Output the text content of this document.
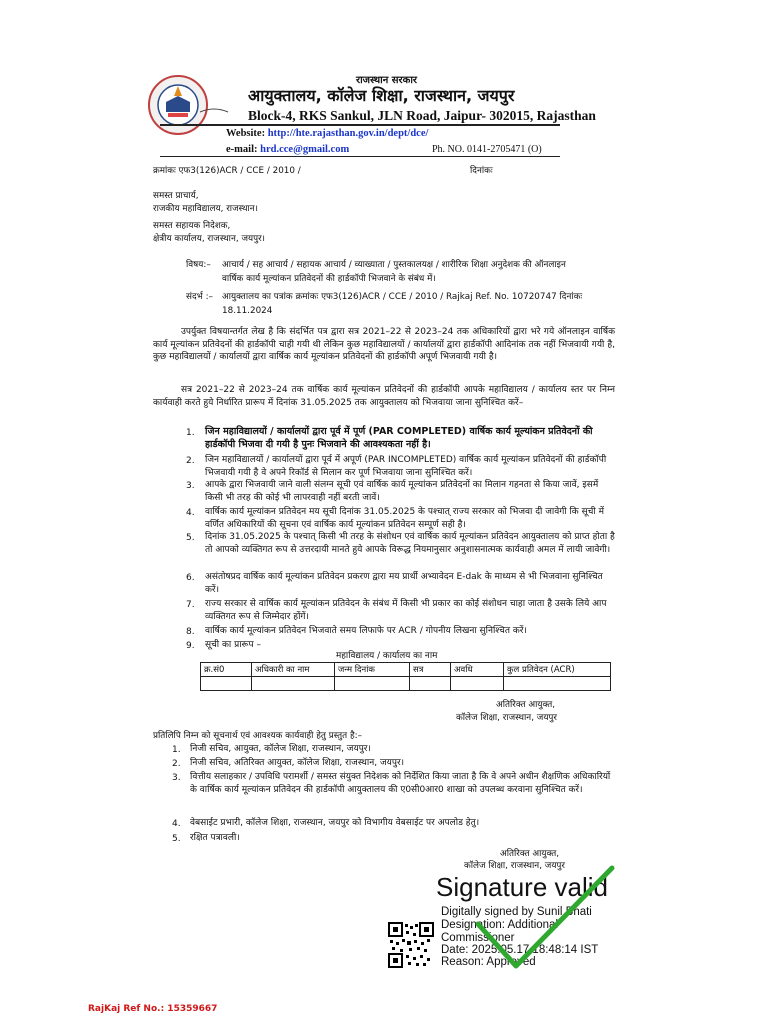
राजस्थान सरकार
आयुक्तालय, कॉलेज शिक्षा, राजस्थान, जयपुर
Block-4, RKS Sankul, JLN Road, Jaipur- 302015, Rajasthan
Website: http://hte.rajasthan.gov.in/dept/dce/
e-mail: hrd.cce@gmail.com	Ph. NO. 0141-2705471 (O)
क्रमांकः एफ3(126)ACR / CCE / 2010 /	दिनांकः
समस्त प्राचार्य,
राजकीय महाविद्यालय, राजस्थान।
समस्त सहायक निदेशक,
क्षेत्रीय कार्यालय, राजस्थान, जयपुर।
विषय:– आचार्य / सह आचार्य / सहायक आचार्य / व्याख्याता / पुस्तकालयक्ष / शारीरिक शिक्षा अनुदेशक की ऑनलाइन
वार्षिक कार्य मूल्यांकन प्रतिवेदनों की हार्डकॉपी भिजवाने के संबंध में।
संदर्भ :– आयुक्तालय का पत्रांक क्रमांकः एफ3(126)ACR / CCE / 2010 / Rajkaj Ref. No. 10720747 दिनांकः
18.11.2024
उपर्युक्त विषयान्तर्गत लेख है कि संदर्भित पत्र द्वारा सत्र 2021–22 से 2023–24 तक अधिकारियों द्वारा भरे गये ऑनलाइन वार्षिक कार्य मूल्यांकन प्रतिवेदनों की हार्डकॉपी चाही गयी थी लेकिन कुछ महाविद्यालयों / कार्यालयों द्वारा हार्डकॉपी आदिनांक तक नहीं भिजवायी गयी है, कुछ महाविद्यालयों / कार्यालयों द्वारा वार्षिक कार्य मूल्यांकन प्रतिवेदनों की हार्डकॉपी अपूर्ण भिजवायी गयी है।
सत्र 2021–22 से 2023–24 तक वार्षिक कार्य मूल्यांकन प्रतिवेदनों की हार्डकॉपी आपके महाविद्यालय / कार्यालय स्तर पर निम्न कार्यवाही करते हुये निर्धारित प्रारूप में दिनांक 31.05.2025 तक आयुक्तालय को भिजवाया जाना सुनिश्चित करें–
1. जिन महाविद्यालयों / कार्यालयों द्वारा पूर्व में पूर्ण (PAR COMPLETED) वार्षिक कार्य मूल्यांकन प्रतिवेदनों की हार्डकॉपी भिजवा दी गयी है पुनः भिजवाने की आवश्यकता नहीं है।
2. जिन महाविद्यालयों / कार्यालयों द्वारा पूर्व में अपूर्ण (PAR INCOMPLETED) वार्षिक कार्य मूल्यांकन प्रतिवेदनों की हार्डकॉपी भिजवायी गयी है वे अपने रिकॉर्ड से मिलान कर पूर्ण भिजवाया जाना सुनिश्चित करें।
3. आपके द्वारा भिजवायी जाने वाली संलग्न सूची एवं वार्षिक कार्य मूल्यांकन प्रतिवेदनों का मिलान गहनता से किया जावें, इसमें किसी भी तरह की कोई भी लापरवाही नहीं बरती जावें।
4. वार्षिक कार्य मूल्यांकन प्रतिवेदन मय सूची दिनांक 31.05.2025 के पश्चात् राज्य सरकार को भिजवा दी जावेगी कि सूची में वर्णित अधिकारियों की सूचना एवं वार्षिक कार्य मूल्यांकन प्रतिवेदन सम्पूर्ण सही है।
5. दिनांक 31.05.2025 के पश्चात् किसी भी तरह के संशोधन एवं वार्षिक कार्य मूल्यांकन प्रतिवेदन आयुक्तालय को प्राप्त होता है तो आपको व्यक्तिगत रूप से उत्तरदायी मानते हुये आपके विरूद्ध नियमानुसार अनुशासनात्मक कार्यवाही अमल में लायी जावेगी।
6. असंतोषप्रद वार्षिक कार्य मूल्यांकन प्रतिवेदन प्रकरण द्वारा मय प्रार्थी अभ्यावेदन E-dak के माध्यम से भी भिजवाना सुनिश्चित करें।
7. राज्य सरकार से वार्षिक कार्य मूल्यांकन प्रतिवेदन के संबंध में किसी भी प्रकार का कोई संशोधन चाहा जाता है उसके लिये आप व्यक्तिगत रूप से जिम्मेदार होंगें।
8. वार्षिक कार्य मूल्यांकन प्रतिवेदन भिजवाते समय लिफाफे पर ACR / गोपनीय लिखना सुनिश्चित करें।
9. सूची का प्रारूप –
महाविद्यालय / कार्यालय का नाम
क्र.सं0	अधिकारी का नाम	जन्म दिनांक	सत्र	अवधि	कुल प्रतिवेदन (ACR)

अतिरिक्त आयुक्त,
कॉलेज शिक्षा, राजस्थान, जयपुर
प्रतिलिपि निम्न को सूचनार्थ एवं आवश्यक कार्यवाही हेतु प्रस्तुत है:–
1. निजी सचिव, आयुक्त, कॉलेज शिक्षा, राजस्थान, जयपुर।
2. निजी सचिव, अतिरिक्त आयुक्त, कॉलेज शिक्षा, राजस्थान, जयपुर।
3. वित्तीय सलाहकार / उपविधि परामर्शी / समस्त संयुक्त निदेशक को निर्देशित किया जाता है कि वे अपने अधीन शैक्षणिक अधिकारियों के वार्षिक कार्य मूल्यांकन प्रतिवेदन की हार्डकॉपी आयुक्तालय की ए0सी0आर0 शाखा को उपलब्ध करवाना सुनिश्चित करें।
4. वेबसाईट प्रभारी, कॉलेज शिक्षा, राजस्थान, जयपुर को विभागीय वेबसाईट पर अपलोड हेतु।
5. रक्षित पत्रावली।
अतिरिक्त आयुक्त,
कॉलेज शिक्षा, राजस्थान, जयपुर
Signature valid
Digitally signed by Sunil Bhati
Designation: Additional
Commissioner
Date: 2025.05.17 18:48:14 IST
Reason: Approved
RajKaj Ref No.: 15359667
